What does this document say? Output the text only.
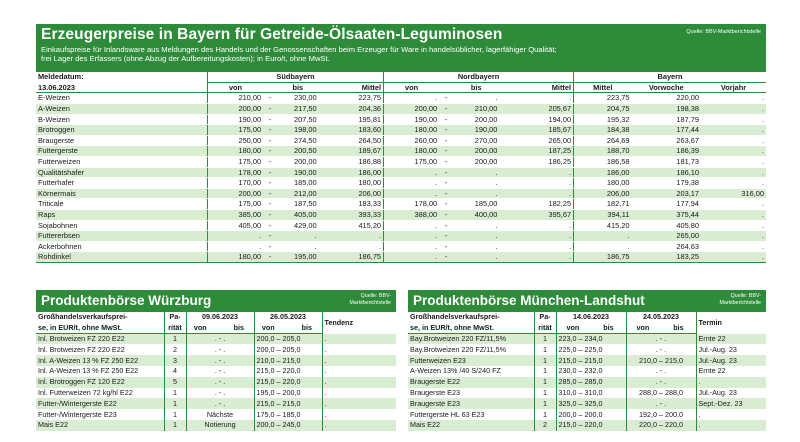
Erzeugerpreise in Bayern für Getreide-Ölsaaten-Leguminosen	Quelle: BBV-Marktberichtstelle
Einkaufspreise für Inlandsware aus Meldungen des Handels und der Genossenschaften beim Erzeuger für Ware in handelsüblicher, lagerfähiger Qualität;
frei Lager des Erfassers (ohne Abzug der Aufbereitungskosten); in Euro/t, ohne MwSt.
Meldedatum:	Südbayern				Nordbayern				Bayern		
13.06.2023	von		bis	Mittel	von		bis	Mittel	Mittel	Vorwoche	Vorjahr
E-Weizen	210,00	-	230,00	223,75	.	-	.	.	223,75	220,00	.
A-Weizen	200,00	-	217,50	204,36	200,00	-	210,00	205,67	204,75	198,38	.
B-Weizen	190,00	-	207,50	195,81	190,00	-	200,00	194,00	195,32	187,79	.
Brotroggen	175,00	-	198,00	183,60	180,00	-	190,00	185,67	184,38	177,44	.
Braugerste	250,00	-	274,50	264,50	260,00	-	270,00	265,00	264,69	263,67	.
Futtergerste	180,00	-	200,50	189,67	180,00	-	200,00	187,25	188,70	186,39	.
Futterweizen	175,00	-	200,00	186,88	175,00	-	200,00	186,25	186,58	181,73	.
Qualitätshafer	178,00	-	190,00	186,00	.	-	.	.	186,00	186,10	.
Futterhafer	170,00	-	185,00	180,00	.	-	.	.	180,00	179,38	.
Körnermais	200,00	-	212,00	206,00	.	-	.	.	206,00	203,17	316,00
Triticale	175,00	-	187,50	183,33	178,00	-	185,00	182,25	182,71	177,94	.
Raps	385,00	-	405,00	393,33	388,00	-	400,00	395,67	394,11	375,44	.
Sojabohnen	405,00	-	429,00	415,20	.	-	.	.	415,20	405,80	.
Futtererbsen	.	-	.	.	.	-	.	.	.	265,00	.
Ackerbohnen	.	-	.	.	.	-	.	.	.	264,63	.
Rohdinkel	180,00	-	195,00	186,75	.	-	.	.	186,75	183,25	.
Produktenbörse Würzburg	Quelle: BBV-
Marktberichtstelle
Großhandelsverkaufsprei-	Pa-	09.06.2023			26.05.2023			Tendenz
se, in EUR/t, ohne MwSt.	rität	von		bis	von		bis	
Inl. Brotweizen FZ 220 E22	1	. - .			200,0 – 205,0			.
Inl. Brotweizen FZ 220 E22	2	. - .			200,0 – 205,0			.
Inl. A-Weizen 13 % FZ 250 E22	3	. - .			210,0 – 215,0			.
Inl. A-Weizen 13 % FZ 250 E22	4	. - .			215,0 – 220,0			.
Inl. Brotroggen FZ 120 E22	5	. - .			215,0 – 220,0			.
Inl. Futterweizen 72 kg/hl E22	1	. - .			195,0 – 200,0			.
Futter-/Wintergerste E22	1	. - .			215,0 – 215,0			.
Futter-/Wintergerste E23	1	Nächste			175,0 – 185,0			.
Mais E22	1	Notierung			200,0 – 245,0			.
Produktenbörse München-Landshut	Quelle: BBV-
Marktberichtstelle
Großhandelsverkaufsprei-	Pa-	14.06.2023	24.05.2023	Termin
se, in EUR/t, ohne MwSt.	rität	von bis	von bis	
Bay.Brotweizen 220 FZ/11,5%	1	223,0 – 234,0	. - .	Ernte 22
Bay.Brotweizen 220 FZ/11,5%	1	225,0 – 225,0	. - .	Jul.-Aug. 23
Futterweizen E23	1	215,0 – 215,0	210,0 – 215,0	Jul.-Aug. 23
A-Weizen 13% /40 S/240 FZ	1	230,0 – 232,0	. - .	Ernte 22
Braugerste E22	1	285,0 – 285,0	. - .	.
Braugerste E23	1	310,0 – 310,0	288,0 – 288,0	Jul.-Aug. 23
Braugerste E23	1	325,0 – 325,0	. - .	Sept.-Dez. 23
Futtergerste HL 63 E23	1	200,0 – 200,0	192,0 – 200,0	.
Mais E22	2	215,0 – 220,0	220,0 – 220,0	.
